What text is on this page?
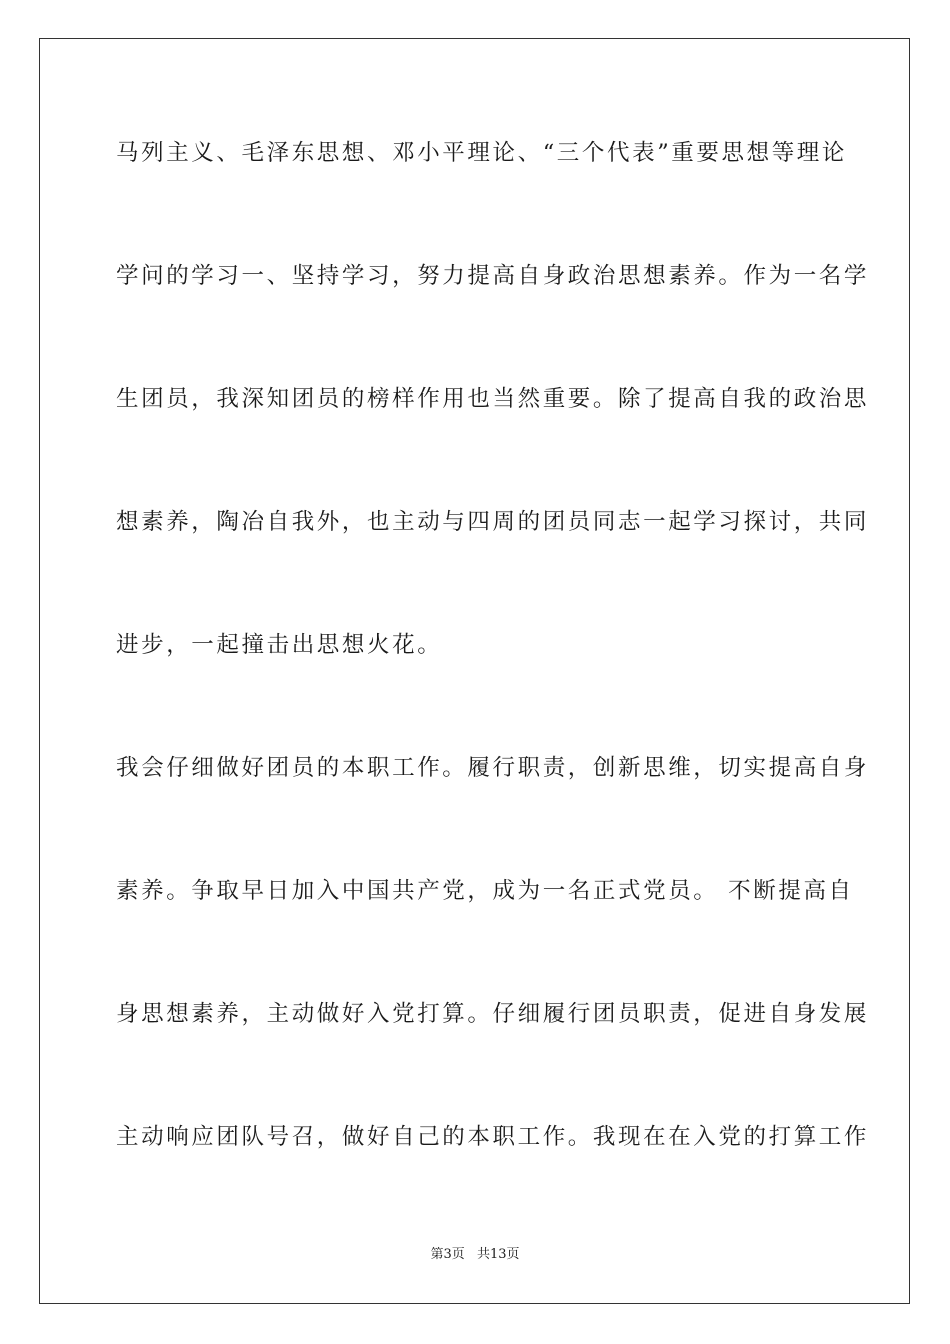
马列主义、毛泽东思想、邓小平理论、“三个代表”重要思想等理论
学问的学习一、坚持学习，努力提高自身政治思想素养。作为一名学
生团员，我深知团员的榜样作用也当然重要。除了提高自我的政治思
想素养，陶冶自我外，也主动与四周的团员同志一起学习探讨，共同
进步，一起撞击出思想火花。
我会仔细做好团员的本职工作。履行职责，创新思维，切实提高自身
素养。争取早日加入中国共产党，成为一名正式党员。 不断提高自
身思想素养，主动做好入党打算。仔细履行团员职责，促进自身发展
主动响应团队号召，做好自己的本职工作。我现在在入党的打算工作
第3页 共13页
